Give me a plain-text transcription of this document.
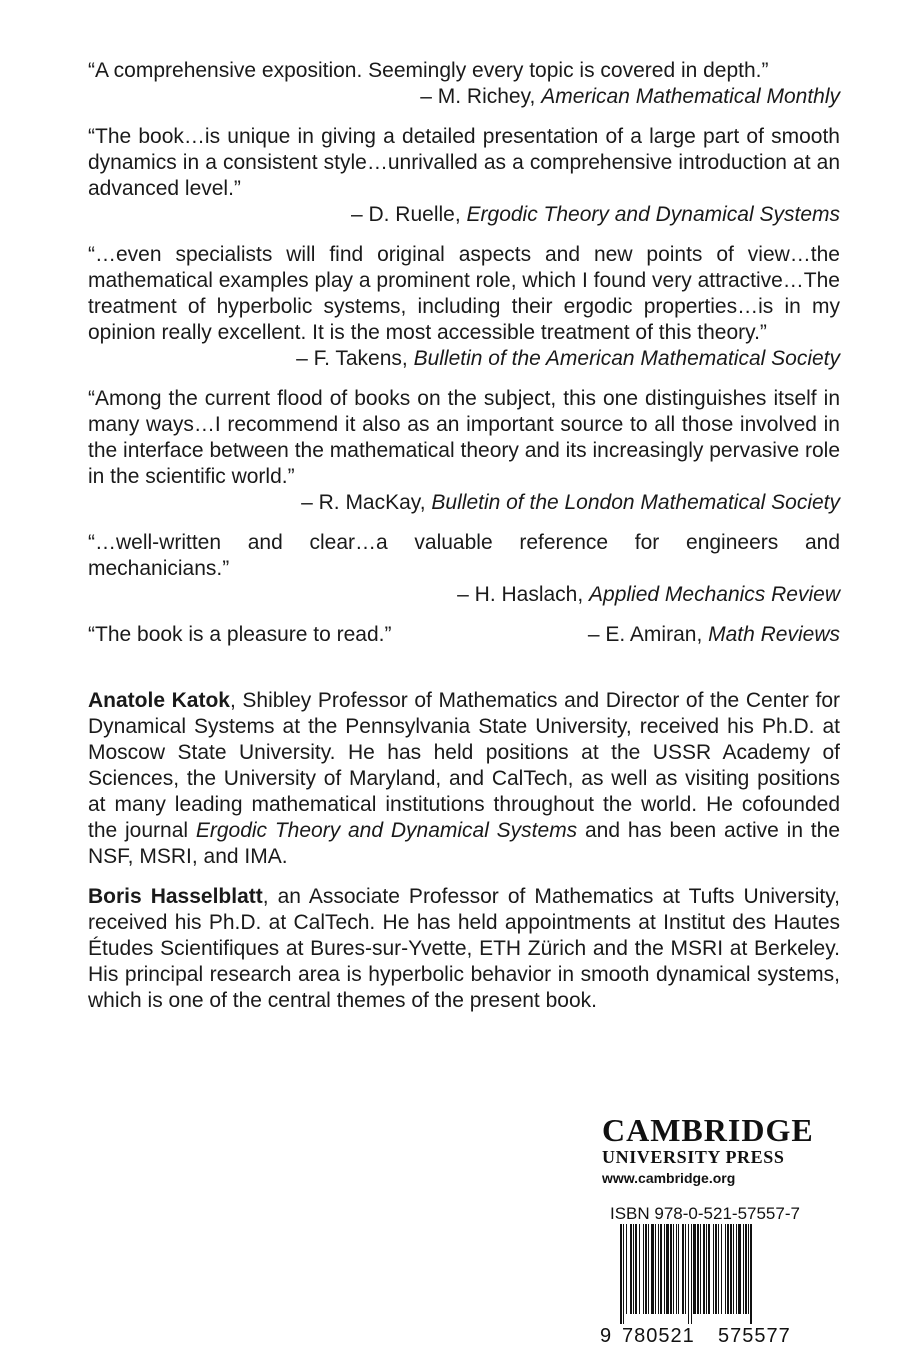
“A comprehensive exposition. Seemingly every topic is covered in depth.”

– M. Richey, American Mathematical Monthly

“The book…is unique in giving a detailed presentation of a large part of smooth dynamics in a consistent style…unrivalled as a comprehensive introduction at an advanced level.”

– D. Ruelle, Ergodic Theory and Dynamical Systems

“…even specialists will find original aspects and new points of view…the mathematical examples play a prominent role, which I found very attractive…The treatment of hyperbolic systems, including their ergodic properties…is in my opinion really excellent. It is the most accessible treatment of this theory.”

– F. Takens, Bulletin of the American Mathematical Society

“Among the current flood of books on the subject, this one distinguishes itself in many ways…I recommend it also as an important source to all those involved in the interface between the mathematical theory and its increasingly pervasive role in the scientific world.”

– R. MacKay, Bulletin of the London Mathematical Society

“…well-written and clear…a valuable reference for engineers and mechanicians.”

– H. Haslach, Applied Mechanics Review

“The book is a pleasure to read.”	– E. Amiran, Math Reviews

Anatole Katok, Shibley Professor of Mathematics and Director of the Center for Dynamical Systems at the Pennsylvania State University, received his Ph.D. at Moscow State University. He has held positions at the USSR Academy of Sciences, the University of Maryland, and CalTech, as well as visiting positions at many leading mathematical institutions throughout the world. He cofounded the journal Ergodic Theory and Dynamical Systems and has been active in the NSF, MSRI, and IMA.

Boris Hasselblatt, an Associate Professor of Mathematics at Tufts University, received his Ph.D. at CalTech. He has held appointments at Institut des Hautes Études Scientifiques at Bures-sur-Yvette, ETH Zürich and the MSRI at Berkeley. His principal research area is hyperbolic behavior in smooth dynamical systems, which is one of the central themes of the present book.

CAMBRIDGE
UNIVERSITY PRESS
www.cambridge.org
ISBN 978-0-521-57557-7
9 780521 575577
